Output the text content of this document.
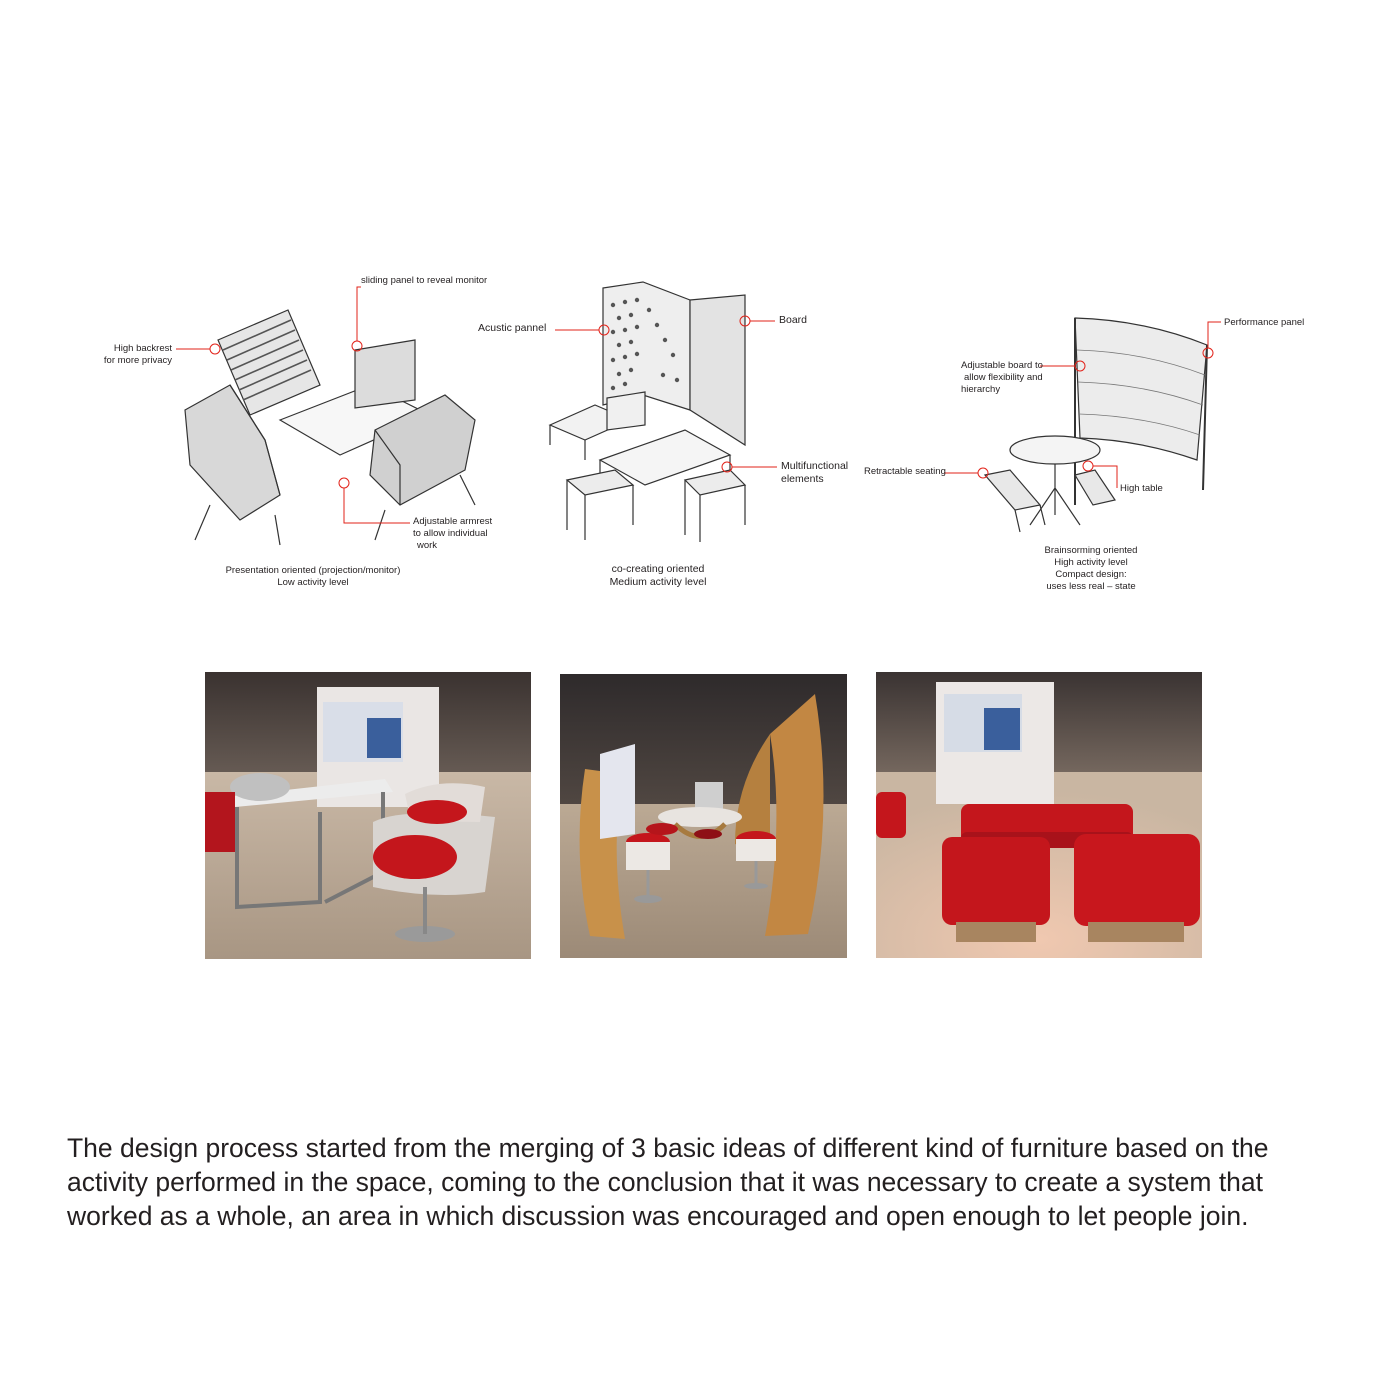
High backrest
for more privacy
sliding panel to reveal monitor
Adjustable armrest
to allow individual
work
Presentation oriented (projection/monitor)
Low activity level
Acustic pannel
Board
Multifunctional
elements
co-creating oriented
Medium activity level
Performance panel
Adjustable board to
allow flexibility and
hierarchy
Retractable seating
High table
Brainsorming oriented
High activity level
Compact design:
uses less real – state
The design process started from the merging of 3 basic ideas of different kind of furniture based on the
activity performed in the space, coming to the conclusion that it was necessary to create a system that
worked as a whole, an area in which discussion was encouraged and open enough to let people join.
